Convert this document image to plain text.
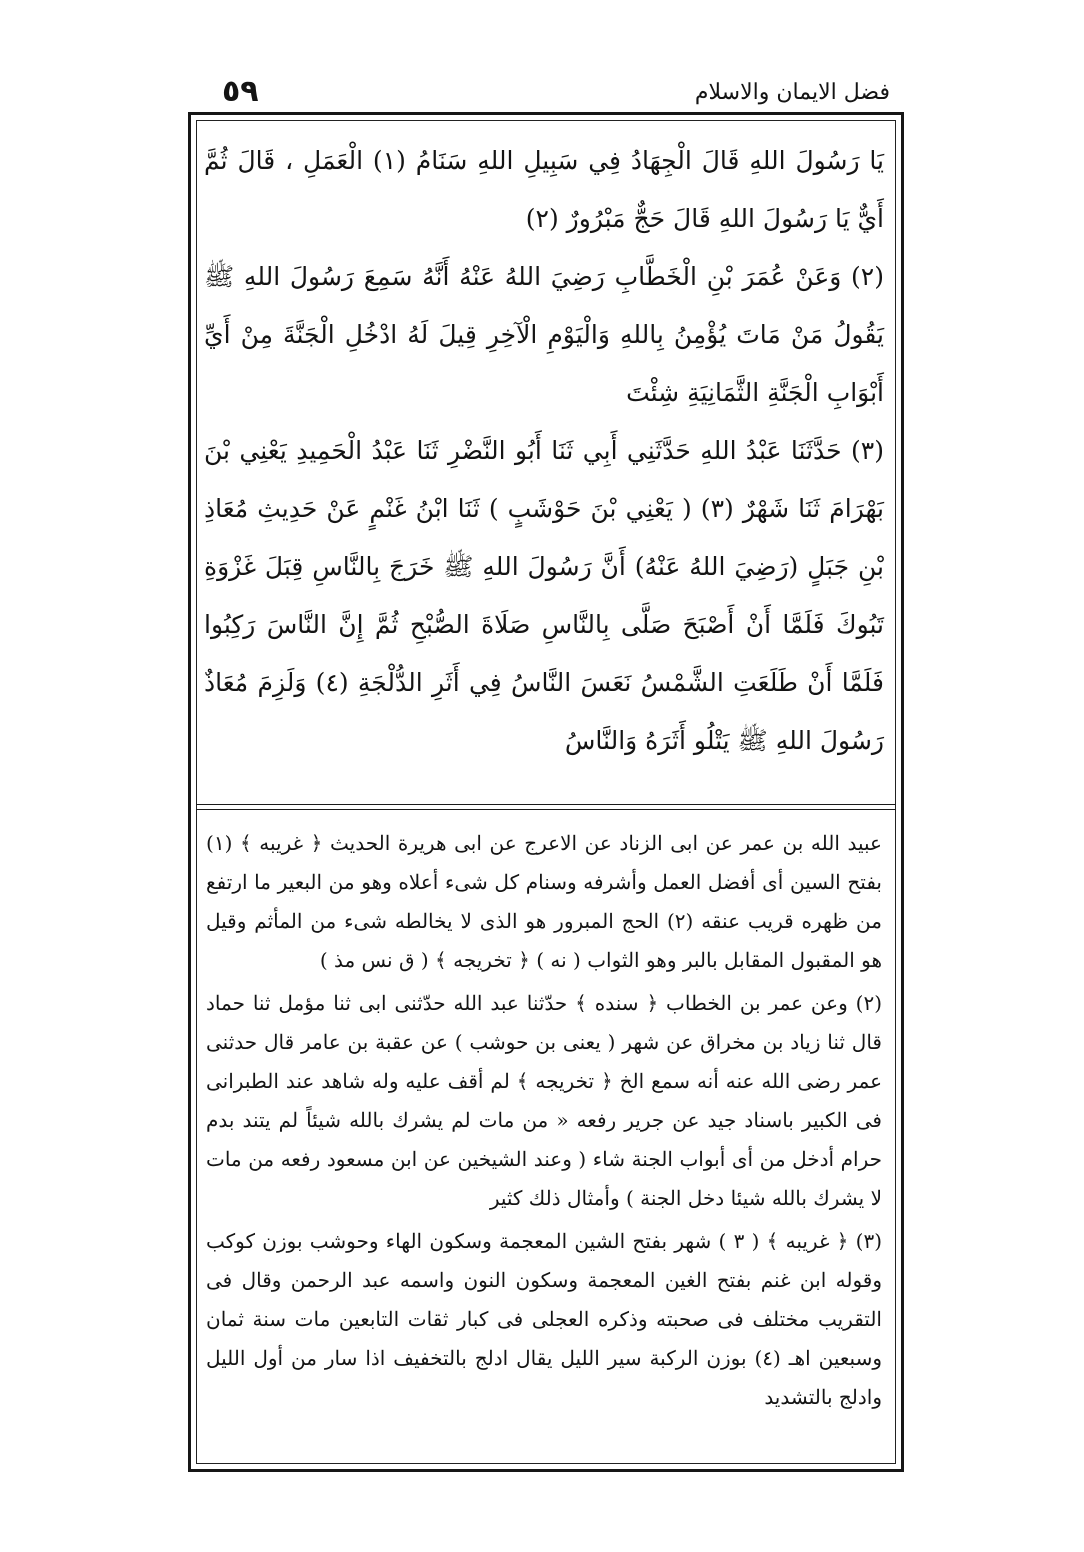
٥٩	فضل الايمان والاسلام

يَا رَسُولَ اللهِ قَالَ الْجِهَادُ فِي سَبِيلِ اللهِ سَنَامُ (١) الْعَمَلِ ، قَالَ ثُمَّ أَيٌّ يَا رَسُولَ اللهِ قَالَ حَجٌّ مَبْرُورٌ (٢)

(٢) وَعَنْ عُمَرَ بْنِ الْخَطَّابِ رَضِيَ اللهُ عَنْهُ أَنَّهُ سَمِعَ رَسُولَ اللهِ ﷺ يَقُولُ مَنْ مَاتَ يُؤْمِنُ بِاللهِ وَالْيَوْمِ الْآخِرِ قِيلَ لَهُ ادْخُلِ الْجَنَّةَ مِنْ أَيِّ أَبْوَابِ الْجَنَّةِ الثَّمَانِيَةِ شِئْتَ

(٣) حَدَّثَنَا عَبْدُ اللهِ حَدَّثَنِي أَبِي ثَنَا أَبُو النَّضْرِ ثَنَا عَبْدُ الْحَمِيدِ يَعْنِي بْنَ بَهْرَامَ ثَنَا شَهْرٌ (٣) ( يَعْنِي بْنَ حَوْشَبٍ ) ثَنَا ابْنُ غَنْمٍ عَنْ حَدِيثِ مُعَاذِ بْنِ جَبَلٍ (رَضِيَ اللهُ عَنْهُ) أَنَّ رَسُولَ اللهِ ﷺ خَرَجَ بِالنَّاسِ قِبَلَ غَزْوَةِ تَبُوكَ فَلَمَّا أَنْ أَصْبَحَ صَلَّى بِالنَّاسِ صَلَاةَ الصُّبْحِ ثُمَّ إِنَّ النَّاسَ رَكِبُوا فَلَمَّا أَنْ طَلَعَتِ الشَّمْسُ نَعَسَ النَّاسُ فِي أَثَرِ الدُّلْجَةِ (٤) وَلَزِمَ مُعَاذٌ رَسُولَ اللهِ ﷺ يَتْلُو أَثَرَهُ وَالنَّاسُ

عبيد الله بن عمر عن ابى الزناد عن الاعرج عن ابى هريرة الحديث ﴿ غريبه ﴾ (١) بفتح السين أى أفضل العمل وأشرفه وسنام كل شىء أعلاه وهو من البعير ما ارتفع من ظهره قريب عنقه (٢) الحج المبرور هو الذى لا يخالطه شىء من المأثم وقيل هو المقبول المقابل بالبر وهو الثواب ( نه ) ﴿ تخريجه ﴾ ( ق نس مذ )

(٢) وعن عمر بن الخطاب ﴿ سنده ﴾ حدّثنا عبد الله حدّثنى ابى ثنا مؤمل ثنا حماد قال ثنا زياد بن مخراق عن شهر ( يعنى بن حوشب ) عن عقبة بن عامر قال حدثنى عمر رضى الله عنه أنه سمع الخ ﴿ تخريجه ﴾ لم أقف عليه وله شاهد عند الطبرانى فى الكبير باسناد جيد عن جرير رفعه « من مات لم يشرك بالله شيئاً لم يتند بدم حرام أدخل من أى أبواب الجنة شاء ( وعند الشيخين عن ابن مسعود رفعه من مات لا يشرك بالله شيئا دخل الجنة ) وأمثال ذلك كثير

(٣) ﴿ غريبه ﴾ ( ٣ ) شهر بفتح الشين المعجمة وسكون الهاء وحوشب بوزن كوكب وقوله ابن غنم بفتح الغين المعجمة وسكون النون واسمه عبد الرحمن وقال فى التقريب مختلف فى صحبته وذكره العجلى فى كبار ثقات التابعين مات سنة ثمان وسبعين اهـ (٤) بوزن الركبة سير الليل يقال ادلج بالتخفيف اذا سار من أول الليل وادلج بالتشديد
